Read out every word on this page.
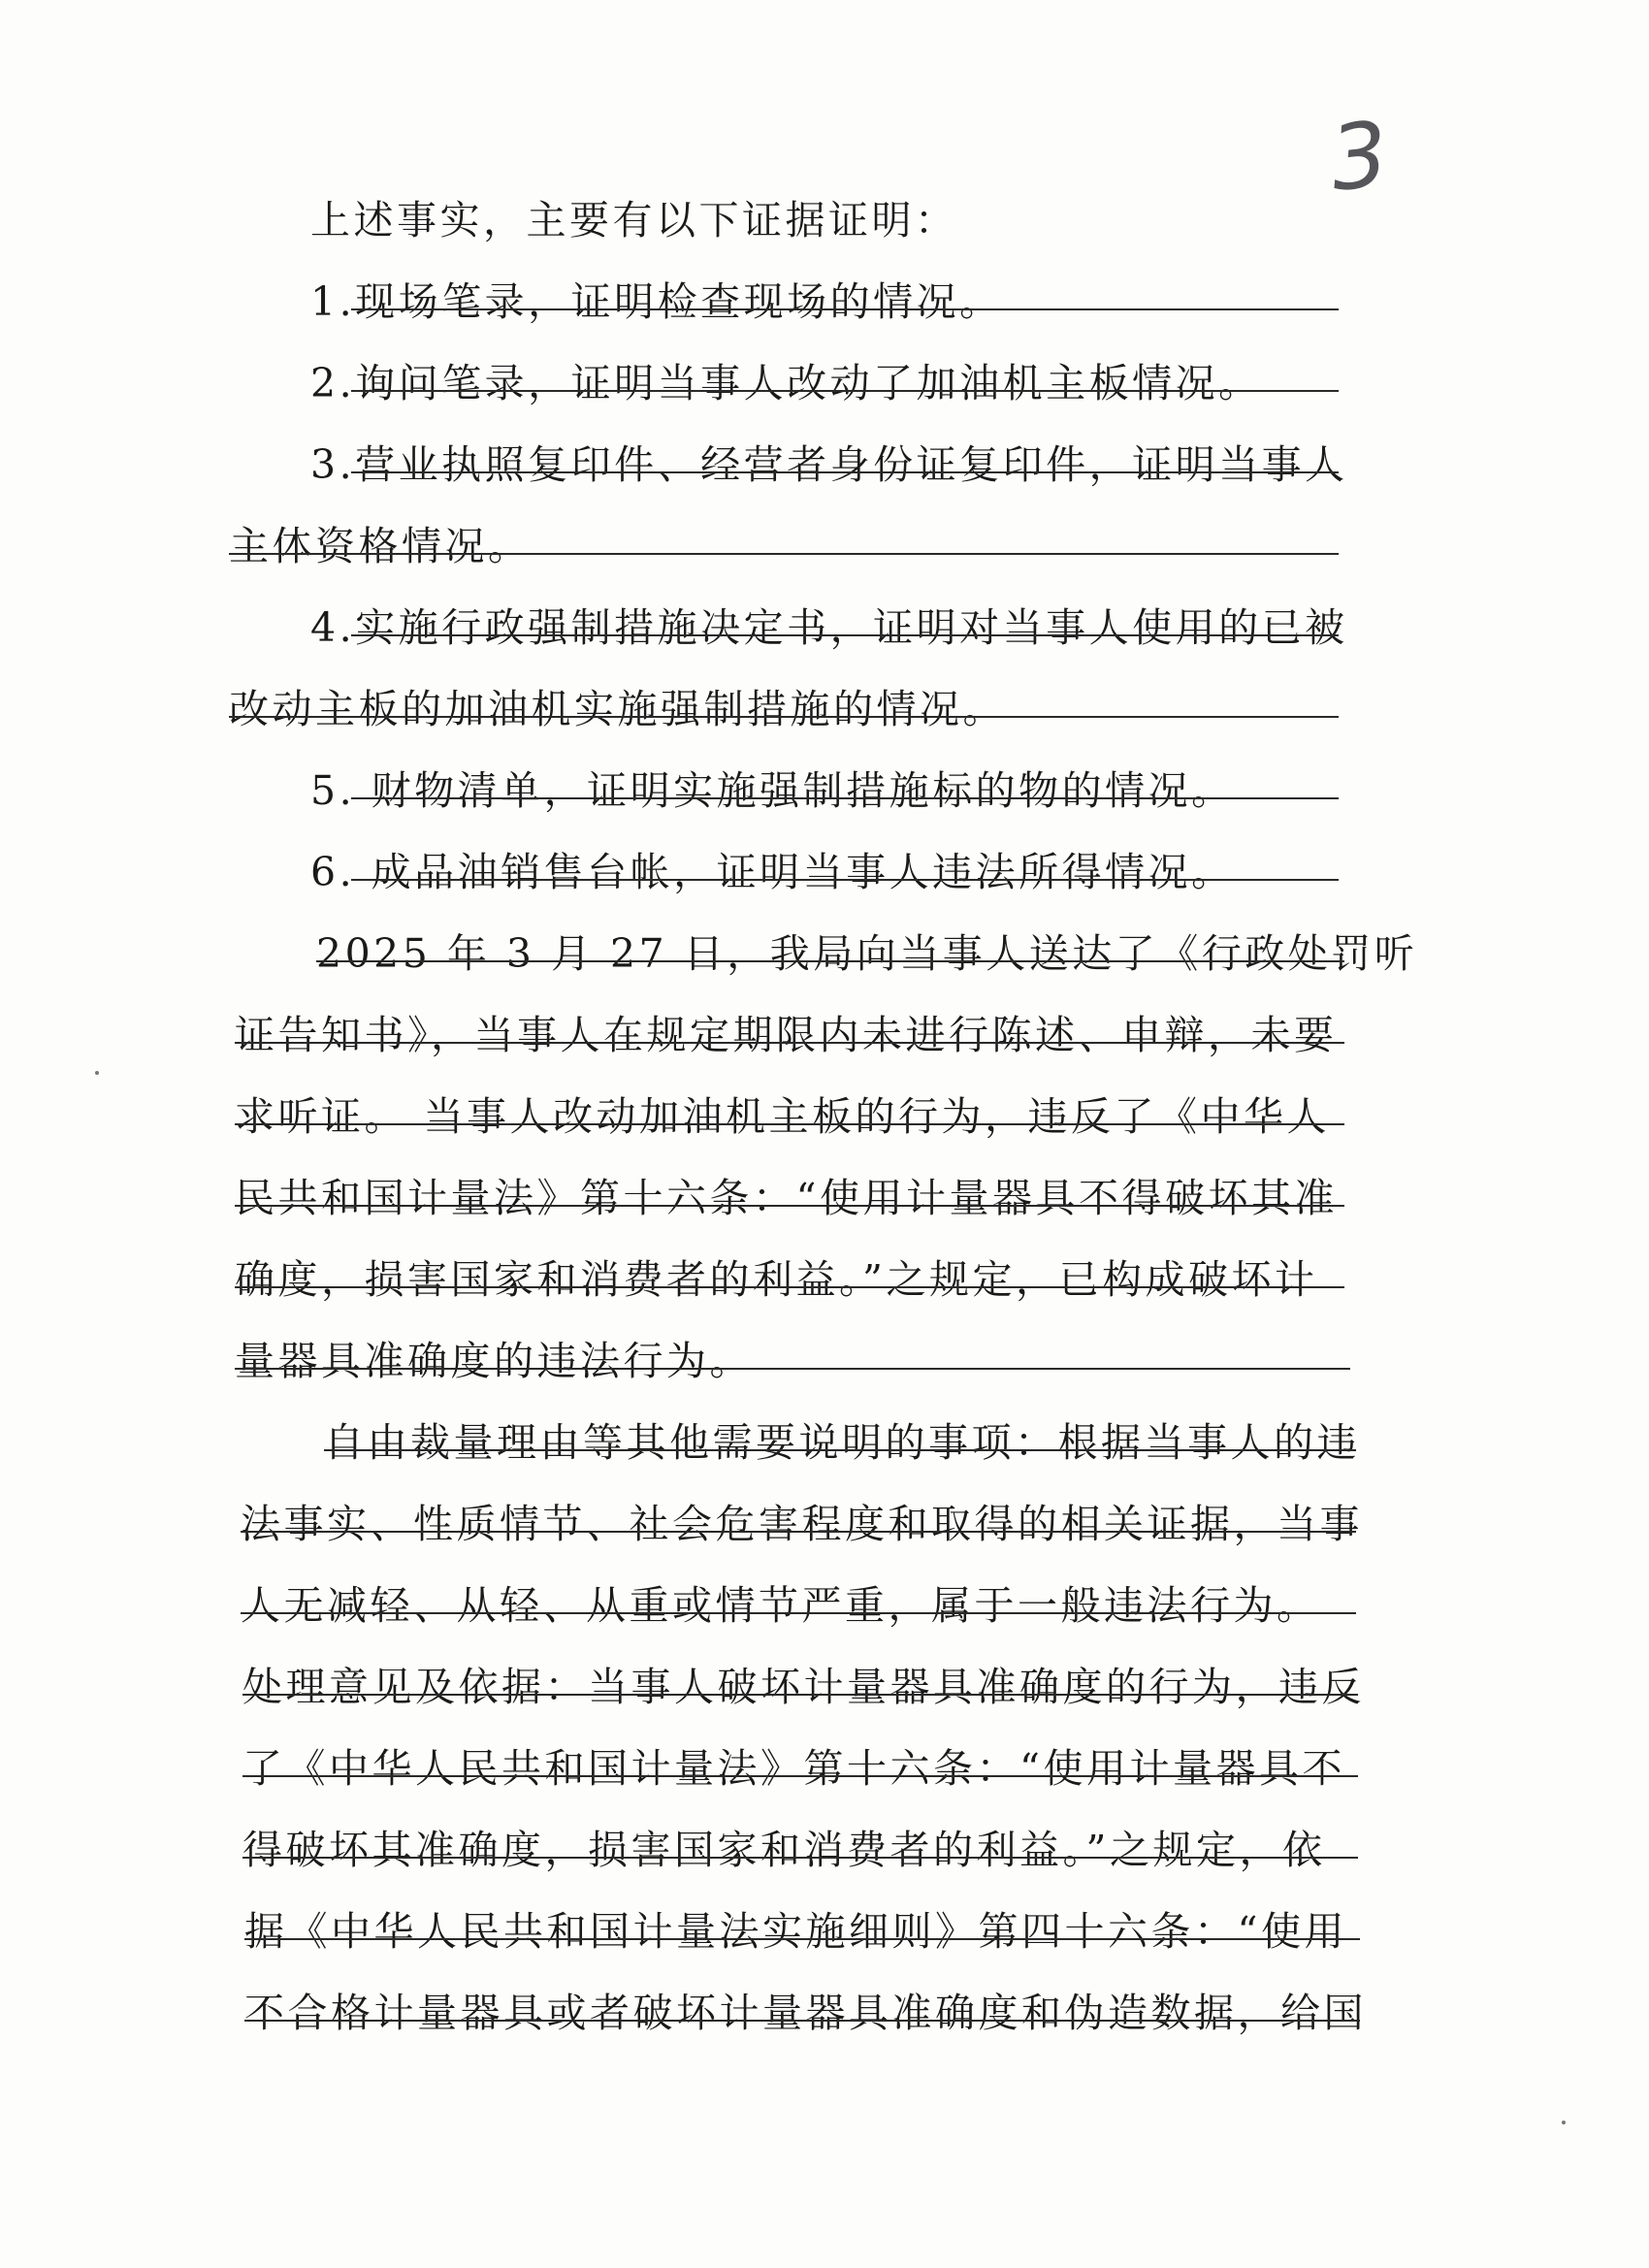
3
上述事实，主要有以下证据证明：
1.现场笔录，证明检查现场的情况。
2.询问笔录，证明当事人改动了加油机主板情况。
3.营业执照复印件、经营者身份证复印件，证明当事人
主体资格情况。
4.实施行政强制措施决定书，证明对当事人使用的已被
改动主板的加油机实施强制措施的情况。
5. 财物清单，证明实施强制措施标的物的情况。
6. 成品油销售台帐，证明当事人违法所得情况。
2025 年 3 月 27 日，我局向当事人送达了《行政处罚听
证告知书》，当事人在规定期限内未进行陈述、申辩，未要
求听证。 当事人改动加油机主板的行为，违反了《中华人
民共和国计量法》第十六条：“使用计量器具不得破坏其准
确度，损害国家和消费者的利益。”之规定，已构成破坏计
量器具准确度的违法行为。
自由裁量理由等其他需要说明的事项：根据当事人的违
法事实、性质情节、社会危害程度和取得的相关证据，当事
人无减轻、从轻、从重或情节严重，属于一般违法行为。
处理意见及依据：当事人破坏计量器具准确度的行为，违反
了《中华人民共和国计量法》第十六条：“使用计量器具不
得破坏其准确度，损害国家和消费者的利益。”之规定，依
据《中华人民共和国计量法实施细则》第四十六条：“使用
不合格计量器具或者破坏计量器具准确度和伪造数据，给国
